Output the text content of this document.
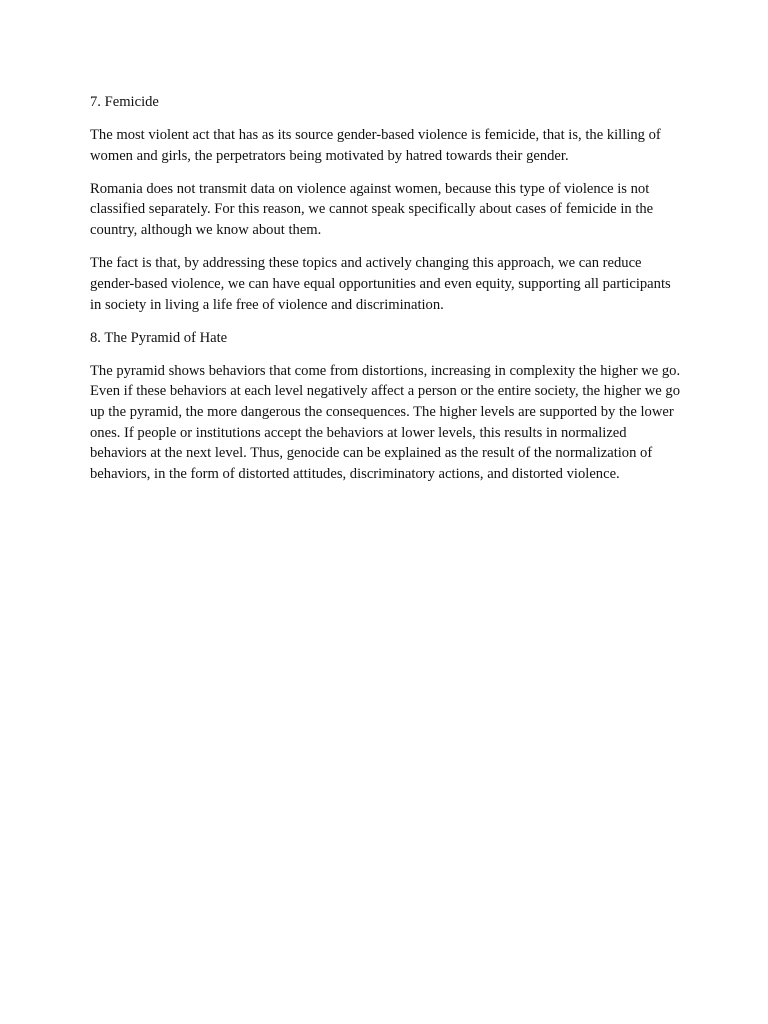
7. Femicide

The most violent act that has as its source gender-based violence is femicide, that is, the killing of women and girls, the perpetrators being motivated by hatred towards their gender.

Romania does not transmit data on violence against women, because this type of violence is not classified separately. For this reason, we cannot speak specifically about cases of femicide in the country, although we know about them.

The fact is that, by addressing these topics and actively changing this approach, we can reduce gender-based violence, we can have equal opportunities and even equity, supporting all participants in society in living a life free of violence and discrimination.

8. The Pyramid of Hate

The pyramid shows behaviors that come from distortions, increasing in complexity the higher we go. Even if these behaviors at each level negatively affect a person or the entire society, the higher we go up the pyramid, the more dangerous the consequences. The higher levels are supported by the lower ones. If people or institutions accept the behaviors at lower levels, this results in normalized behaviors at the next level. Thus, genocide can be explained as the result of the normalization of behaviors, in the form of distorted attitudes, discriminatory actions, and distorted violence.
